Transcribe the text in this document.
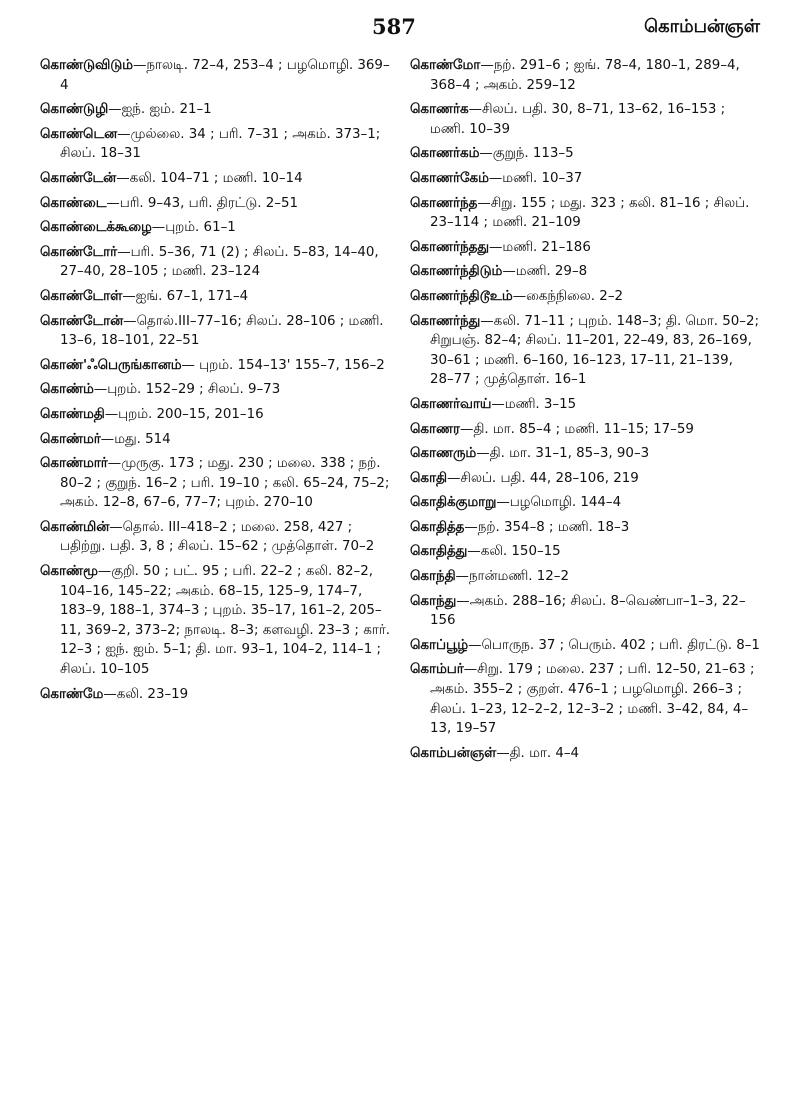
587	கொம்பன்ஞள்
கொண்டுவிடும்—நாலடி. 72–4, 253–4 ; பழமொழி. 369–4
கொண்டுழி—ஐந். ஐம். 21–1
கொண்டென—முல்லை. 34 ; பரி. 7–31 ; அகம். 373–1; சிலப். 18–31
கொண்டேன்—கலி. 104–71 ; மணி. 10–14
கொண்டை—பரி. 9–43, பரி. திரட்டு. 2–51
கொண்டைக்கூழை—புறம். 61–1
கொண்டோர்—பரி. 5–36, 71 (2) ; சிலப். 5–83, 14–40, 27–40, 28–105 ; மணி. 23–124
கொண்டோள்—ஐங். 67–1, 171–4
கொண்டோன்—தொல்.III–77–16; சிலப். 28–106 ; மணி. 13–6, 18–101, 22–51
கொண்'ஃபெருங்கானம்— புறம். 154–13' 155–7, 156–2
கொண்ம்—புறம். 152–29 ; சிலப். 9–73
கொண்மதி—புறம். 200–15, 201–16
கொண்மர்—மது. 514
கொண்மார்—முருகு. 173 ; மது. 230 ; மலை. 338 ; நற். 80–2 ; குறுந். 16–2 ; பரி. 19–10 ; கலி. 65–24, 75–2; அகம். 12–8, 67–6, 77–7; புறம். 270–10
கொண்மின்—தொல். III–418–2 ; மலை. 258, 427 ; பதிற்று. பதி. 3, 8 ; சிலப். 15–62 ; முத்தொள். 70–2
கொண்மூ—குறி. 50 ; பட். 95 ; பரி. 22–2 ; கலி. 82–2, 104–16, 145–22; அகம். 68–15, 125–9, 174–7, 183–9, 188–1, 374–3 ; புறம். 35–17, 161–2, 205–11, 369–2, 373–2; நாலடி. 8–3; களவழி. 23–3 ; கார். 12–3 ; ஐந். ஐம். 5–1; தி. மா. 93–1, 104–2, 114–1 ; சிலப். 10–105
கொண்மே—கலி. 23–19
கொண்மோ—நற். 291–6 ; ஐங். 78–4, 180–1, 289–4, 368–4 ; அகம். 259–12
கொணர்க—சிலப். பதி. 30, 8–71, 13–62, 16–153 ; மணி. 10–39
கொணர்கம்—குறுந். 113–5
கொணர்கேம்—மணி. 10–37
கொணர்ந்த—சிறு. 155 ; மது. 323 ; கலி. 81–16 ; சிலப். 23–114 ; மணி. 21–109
கொணர்ந்தது—மணி. 21–186
கொணர்ந்திடும்—மணி. 29–8
கொணர்ந்திடூஉம்—கைந்நிலை. 2–2
கொணர்ந்து—கலி. 71–11 ; புறம். 148–3; தி. மொ. 50–2; சிறுபஞ். 82–4; சிலப். 11–201, 22–49, 83, 26–169, 30–61 ; மணி. 6–160, 16–123, 17–11, 21–139, 28–77 ; முத்தொள். 16–1
கொணர்வாய்—மணி. 3–15
கொணர—தி. மா. 85–4 ; மணி. 11–15; 17–59
கொணரும்—தி. மா. 31–1, 85–3, 90–3
கொதி—சிலப். பதி. 44, 28–106, 219
கொதிக்குமாறு—பழமொழி. 144–4
கொதித்த—நற். 354–8 ; மணி. 18–3
கொதித்து—கலி. 150–15
கொந்தி—நான்மணி. 12–2
கொந்து—அகம். 288–16; சிலப். 8–வெண்பா–1–3, 22–156
கொப்பூழ்—பொருந. 37 ; பெரும். 402 ; பரி. திரட்டு. 8–1
கொம்பர்—சிறு. 179 ; மலை. 237 ; பரி. 12–50, 21–63 ; அகம். 355–2 ; குறள். 476–1 ; பழமொழி. 266–3 ; சிலப். 1–23, 12–2–2, 12–3–2 ; மணி. 3–42, 84, 4–13, 19–57
கொம்பன்ஞள்—தி. மா. 4–4
